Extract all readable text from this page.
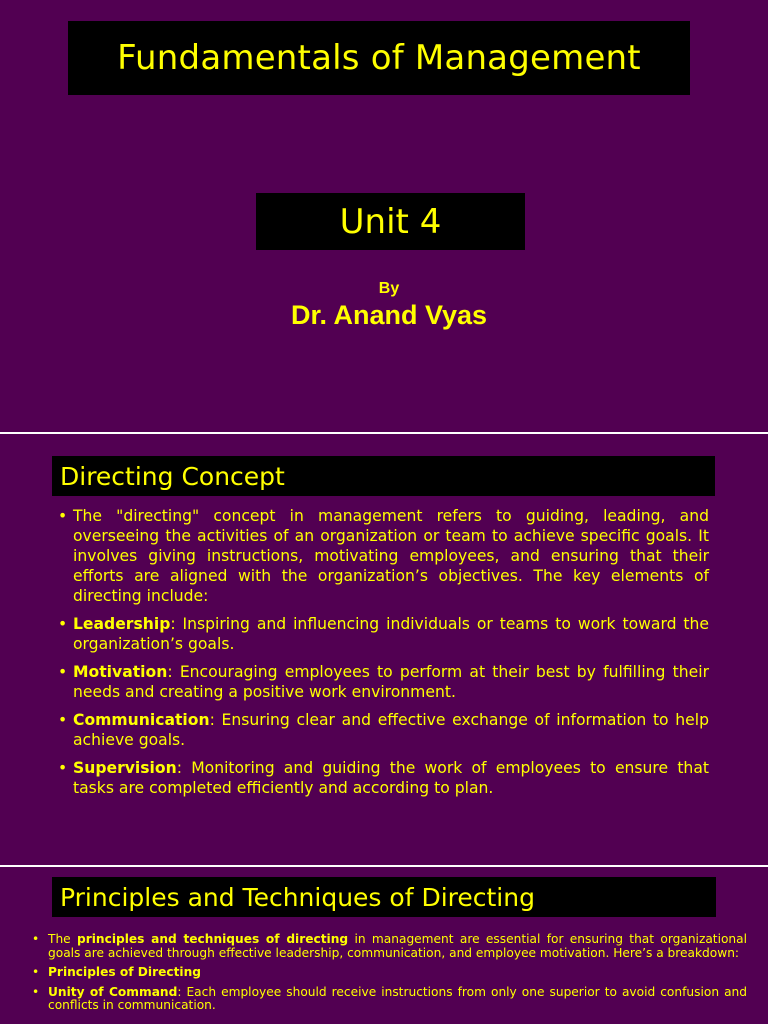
Fundamentals of Management
Unit 4
By
Dr. Anand Vyas
Directing Concept
• The "directing" concept in management refers to guiding, leading, and overseeing the activities of an organization or team to achieve specific goals. It involves giving instructions, motivating employees, and ensuring that their efforts are aligned with the organization’s objectives. The key elements of directing include:
• Leadership: Inspiring and influencing individuals or teams to work toward the organization’s goals.
• Motivation: Encouraging employees to perform at their best by fulfilling their needs and creating a positive work environment.
• Communication: Ensuring clear and effective exchange of information to help achieve goals.
• Supervision: Monitoring and guiding the work of employees to ensure that tasks are completed efficiently and according to plan.
Principles and Techniques of Directing
• The principles and techniques of directing in management are essential for ensuring that organizational goals are achieved through effective leadership, communication, and employee motivation. Here’s a breakdown:
• Principles of Directing
• Unity of Command: Each employee should receive instructions from only one superior to avoid confusion and conflicts in communication.
